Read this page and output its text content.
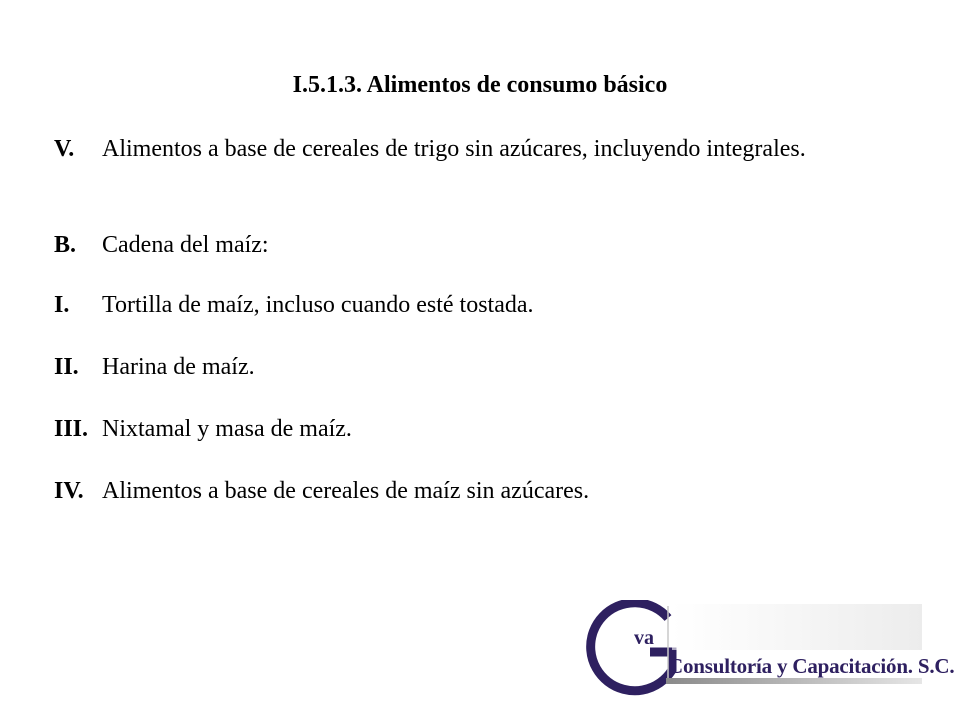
I.5.1.3. Alimentos de consumo básico
V. Alimentos a base de cereales de trigo sin azúcares, incluyendo integrales.
B. Cadena del maíz:
I. Tortilla de maíz, incluso cuando esté tostada.
II. Harina de maíz.
III. Nixtamal y masa de maíz.
IV. Alimentos a base de cereales de maíz sin azúcares.
va
Consultoría y Capacitación. S.C.
